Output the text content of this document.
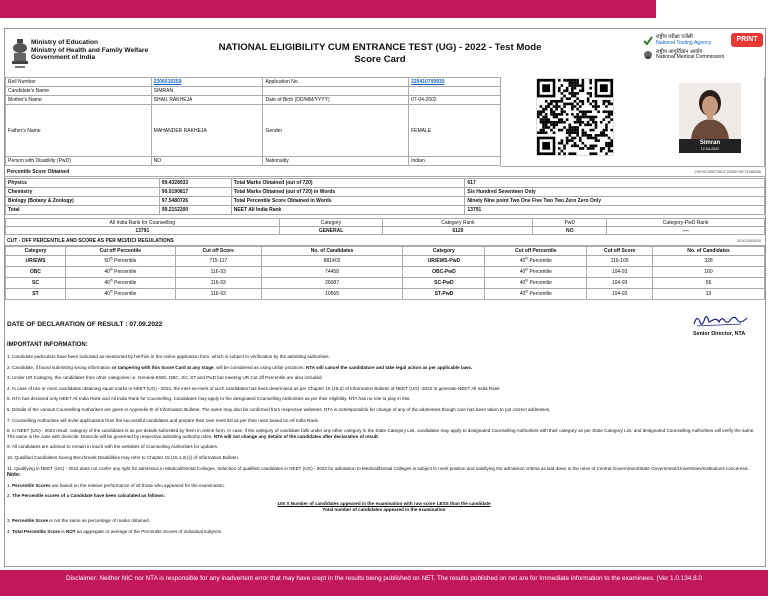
Ministry of Education
Ministry of Health and Family Welfare
Government of India
NATIONAL ELIGIBILITY CUM ENTRANCE TEST (UG) - 2022 - Test Mode
Score Card
राष्ट्रीय परीक्षा एजेंसी
National Testing Agency
राष्ट्रीय आयुर्विज्ञान आयोग
National Medical Commission
PRINT
Roll Number	2306010259	Application No.	220410700930
Candidate's Name	SIMRAN		
Mother's Name	SHAIL RAKHEJA	Date of Birth (DD/MM/YYYY)	07-04-2002
Father's Name	MAHANDER RAKHEJA	Gender	FEMALE
Person with Disability (PwD)	NO	Nationality	Indian
Simran
12-04-2022
Percentile Score Obtained	295F8F2B5B7B81F15B8879672168808B
Physics	99.4328933	Total Marks Obtained (out of 720)	617
Chemistry	99.0190817	Total Marks Obtained (out of 720) in Words	Six Hundred Seventeen Only
Biology (Botany & Zoology)	97.5480726	Total Percentile Score Obtained in Words	Ninety Nine point Two One Five Two Two Zero Zero Only
Total	99.2152200	NEET All India Rank	13791
All India Rank for Counselling	Category	Category Rank	PwD	Category-PwD Rank
13791	GENERAL	6120	NO	----
CUT - OFF PERCENTILE AND SCORE AS PER MCI/DCI REGULATIONS	NTA22899524I
Category	Cut off Percentile	Cut off Score	No. of Candidates	Category	Cut off Percentile	Cut off Score	No. of Candidates
UR/EWS	50th Percentile	715-117	881402	UR/EWS-PwD	45th Percentile	116-105	328
OBC	40th Percentile	116-93	74458	OBC-PwD	40th Percentile	104-93	160
SC	40th Percentile	116-93	26087	SC-PwD	40th Percentile	104-93	56
ST	40th Percentile	116-93	10565	ST-PwD	40th Percentile	104-93	13
DATE OF DECLARATION OF RESULT : 07.09.2022
Senior Director, NTA
IMPORTANT INFORMATION:

1. Candidate particulars have been indicated as mentioned by her/him in the online application form, which is subject to verification by the admitting authorities.

2. Candidate, if found submitting wrong information or tampering with this Score Card at any stage, will be considered as using unfair practices. NTA will cancel the candidature and take legal action as per applicable laws.

3. Under UR Category, the candidates from other categories i.e. General-EWS, OBC, SC, ST and PwD but meeting UR Cut off Percentile are also included.

4. In case of two or more candidates obtaining equal marks in NEET (UG) - 2022, the inter-se-merit of such candidates has been determined as per Chapter 15 (15.2) of Information Bulletin of NEET (UG) -2022 to generate NEET All India Rank.

5. NTA has declared only NEET All India Rank and All India Rank for Counselling. Candidates may apply to the designated Counselling Authorities as per their eligibility. NTA has no role to play in this.

6. Details of the various Counselling Authorities are given in Appendix-III of Information Bulletin. The same may also be confirmed from respective websites. NTA is notresponsible for change of any of the addresses though care has been taken to put correct addresses.

7. Counselling Authorities will invite applications from the successful candidates and prepare their own merit list as per their rules based on All India Rank.

8. In NEET (UG) - 2022 result, category of the candidates is as per details submitted by them in online form. In case, if the category of candidate falls under any other category in the State Category List, candidates may apply to designated Counselling Authorities with their category as per State Category List, and designated Counselling Authorities will verify the same. The same is the case with domicile. Domicile will be governed by respective admitting authority rules. NTA will not change any details of the candidates after declaration of result.

9. All candidates are advised to remain in touch with the websites of Counselling Authorities for updates.

10. Qualified Candidates having Benchmark Disabilities may refer to Chapter 15 (15.1.2(c)) of Information Bulletin.

11. Qualifying in NEET (UG) - 2022 does not confer any right for admission in Medical/Dental Colleges. Selection of qualified candidates in NEET (UG) - 2022 for admission to Medical/Dental Colleges is subject to merit position and satisfying the admission criteria as laid down in the rules of Central Government/State Government/Universities/Institutions concerned.

Note:

1. Percentile Scores are based on the relative performance of all those who appeared for the examination.

2. The Percentile scores of a Candidate have been calculated as follows:

100 X Number of candidates appeared in the examination with raw score LESS than the candidate
Total number of candidates appeared in the examination

3. Percentile Score is not the same as percentage of marks obtained.

4. Total Percentile Score is NOT an aggregate or average of the Percentile Scores of individual subjects.

Disclaimer: Neither NIC nor NTA is responsible for any inadvertent error that may have crept in the results being published on NET. The results published on net are for Immediate information to the examinees. (Ver 1.0.134.8.0
